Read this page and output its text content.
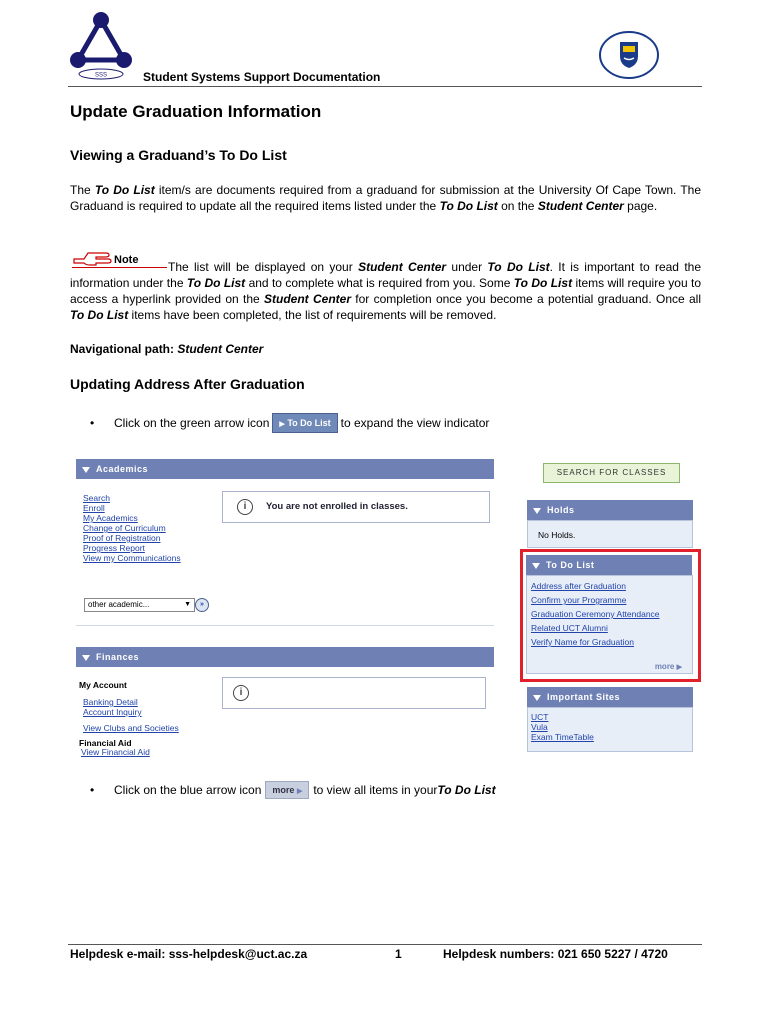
SSS	Student Systems Support Documentation
Update Graduation Information
Viewing a Graduand’s To Do List
The To Do List item/s are documents required from a graduand for submission at the University Of Cape Town. The Graduand is required to update all the required items listed under the To Do List on the Student Center page.
Note	The list will be displayed on your Student Center under To Do List. It is important to read the information under the To Do List and to complete what is required from you. Some To Do List items will require you to access a hyperlink provided on the Student Center for completion once you become a potential graduand. Once all To Do List items have been completed, the list of requirements will be removed.
Navigational path: Student Center
Updating Address After Graduation
•	Click on the green arrow icon	▶ To Do List to expand the view indicator
Academics
Search
Enroll
My Academics
Change of Curriculum
Proof of Registration
Progress Report
View my Communications
i	You are not enrolled in classes.
other academic...	▼	»
Finances
My Account
Banking Detail
Account Inquiry
View Clubs and Societies
Financial Aid
View Financial Aid
i
SEARCH FOR CLASSES
Holds
No Holds.
To Do List
Address after Graduation
Confirm your Programme
Graduation Ceremony Attendance
Related UCT Alumni
Verify Name for Graduation
more ▶
Important Sites
UCT
Vula
Exam TimeTable
•	Click on the blue arrow icon	more ▶ to view all items in your To Do List
Helpdesk e-mail: sss-helpdesk@uct.ac.za	1	Helpdesk numbers: 021 650 5227 / 4720
